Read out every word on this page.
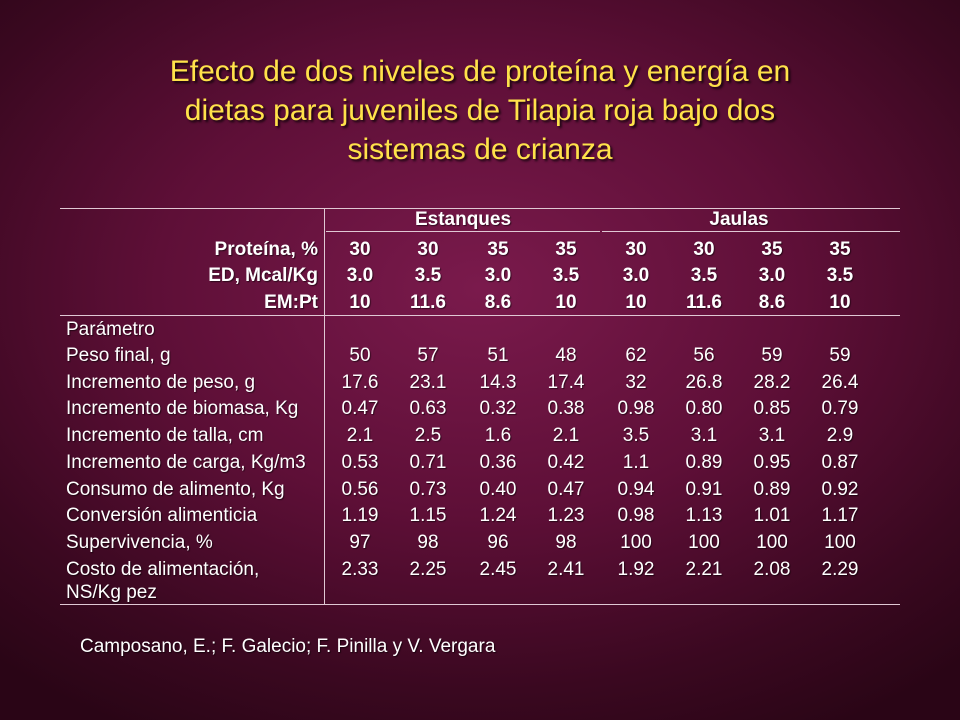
Efecto de dos niveles de proteína y energía en
dietas para juveniles de Tilapia roja bajo dos
sistemas de crianza
Estanques	Jaulas
Proteína, %	30	30	35	35	30	30	35	35
ED, Mcal/Kg	3.0	3.5	3.0	3.5	3.0	3.5	3.0	3.5
EM:Pt	10	11.6	8.6	10	10	11.6	8.6	10
Parámetro
Peso final, g	50	57	51	48	62	56	59	59
Incremento de peso, g	17.6	23.1	14.3	17.4	32	26.8	28.2	26.4
Incremento de biomasa, Kg	0.47	0.63	0.32	0.38	0.98	0.80	0.85	0.79
Incremento de talla, cm	2.1	2.5	1.6	2.1	3.5	3.1	3.1	2.9
Incremento de carga, Kg/m3	0.53	0.71	0.36	0.42	1.1	0.89	0.95	0.87
Consumo de alimento, Kg	0.56	0.73	0.40	0.47	0.94	0.91	0.89	0.92
Conversión alimenticia	1.19	1.15	1.24	1.23	0.98	1.13	1.01	1.17
Supervivencia, %	97	98	96	98	100	100	100	100
Costo de alimentación,	2.33	2.25	2.45	2.41	1.92	2.21	2.08	2.29
NS/Kg pez
Camposano, E.; F. Galecio; F. Pinilla y V. Vergara
